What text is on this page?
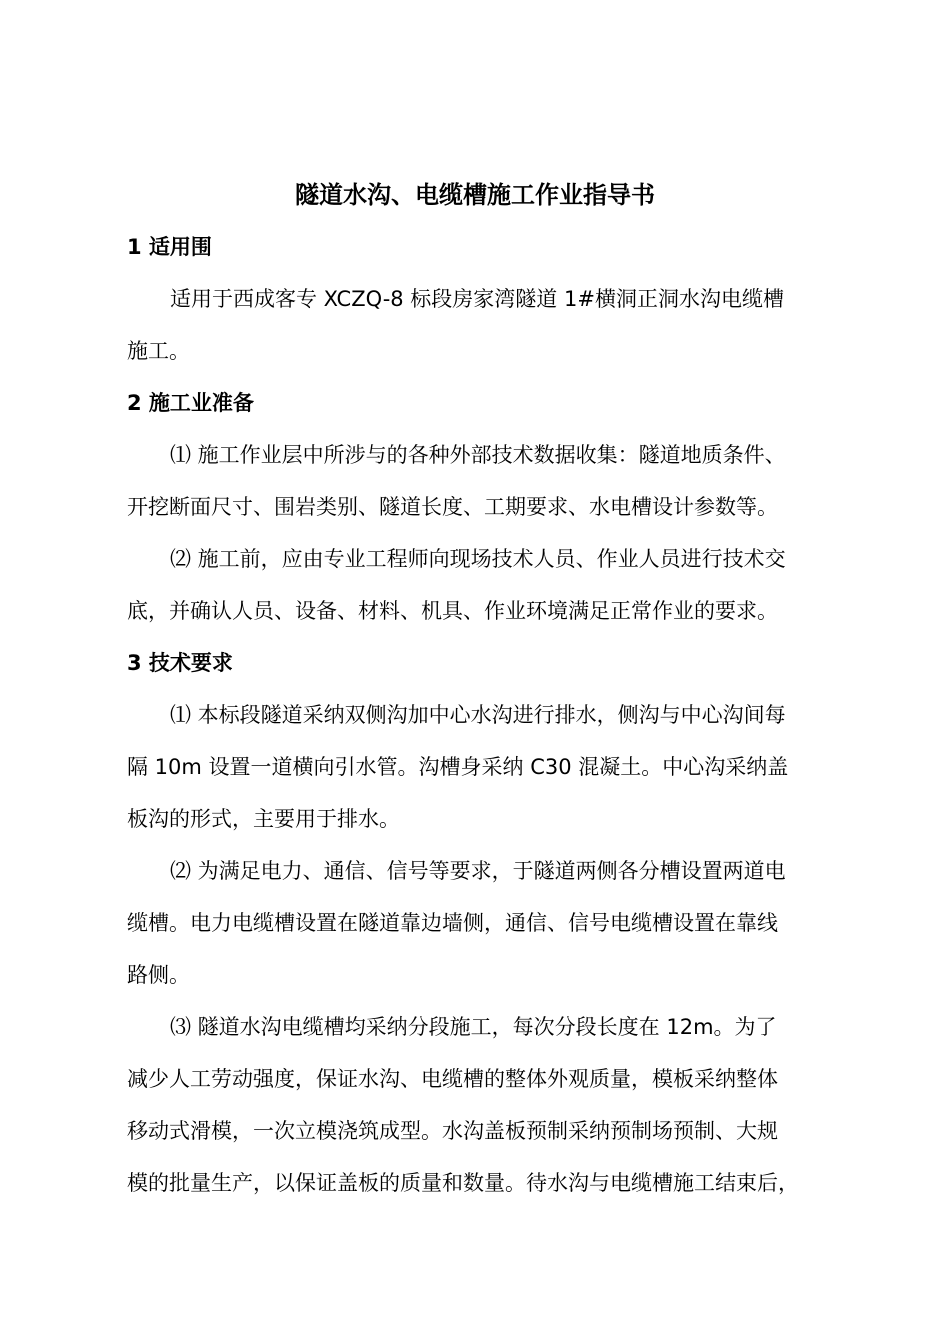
隧道水沟、电缆槽施工作业指导书
1 适用围
适用于西成客专 XCZQ-8 标段房家湾隧道 1#横洞正洞水沟电缆槽
施工。
2 施工业准备
⑴ 施工作业层中所涉与的各种外部技术数据收集：隧道地质条件、
开挖断面尺寸、围岩类别、隧道长度、工期要求、水电槽设计参数等。
⑵ 施工前，应由专业工程师向现场技术人员、作业人员进行技术交
底，并确认人员、设备、材料、机具、作业环境满足正常作业的要求。
3 技术要求
⑴ 本标段隧道采纳双侧沟加中心水沟进行排水，侧沟与中心沟间每
隔 10m 设置一道横向引水管。沟槽身采纳 C30 混凝土。中心沟采纳盖
板沟的形式，主要用于排水。
⑵ 为满足电力、通信、信号等要求，于隧道两侧各分槽设置两道电
缆槽。电力电缆槽设置在隧道靠边墙侧，通信、信号电缆槽设置在靠线
路侧。
⑶ 隧道水沟电缆槽均采纳分段施工，每次分段长度在 12m。为了
减少人工劳动强度，保证水沟、电缆槽的整体外观质量，模板采纳整体
移动式滑模，一次立模浇筑成型。水沟盖板预制采纳预制场预制、大规
模的批量生产，以保证盖板的质量和数量。待水沟与电缆槽施工结束后，
